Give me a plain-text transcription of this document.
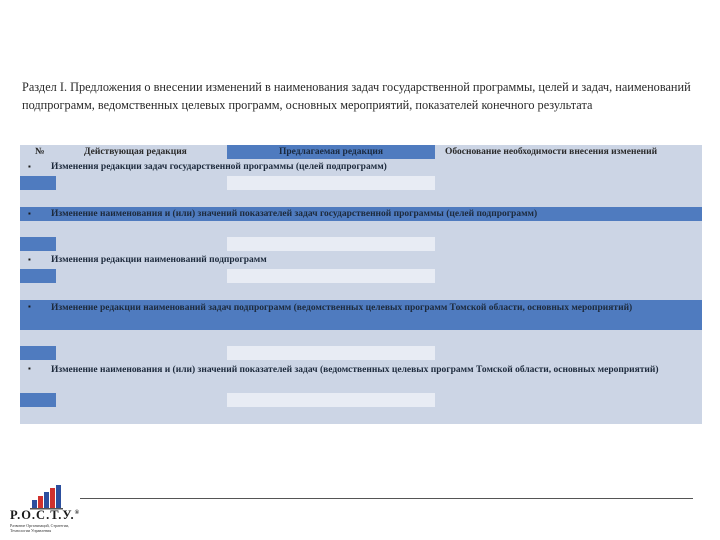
Раздел I. Предложения о внесении изменений в наименования задач государственной программы, целей и задач, наименований подпрограмм, ведомственных целевых программ, основных мероприятий, показателей конечного результата
№	Действующая редакция	Предлагаемая редакция	Обоснование необходимости внесения изменений
▪ Изменения редакции задач государственной программы (целей подпрограмм)
▪ Изменение наименования и (или) значений показателей задач государственной программы (целей подпрограмм)
▪ Изменения редакции наименований подпрограмм
▪ Изменение редакции наименований задач подпрограмм (ведомственных целевых программ Томской области, основных мероприятий)
▪ Изменение наименования и (или) значений показателей задач (ведомственных целевых программ Томской области, основных мероприятий)
Р.О.С.Т.У.®
Развитие Организаций, Стратегии, Технологии Управления
